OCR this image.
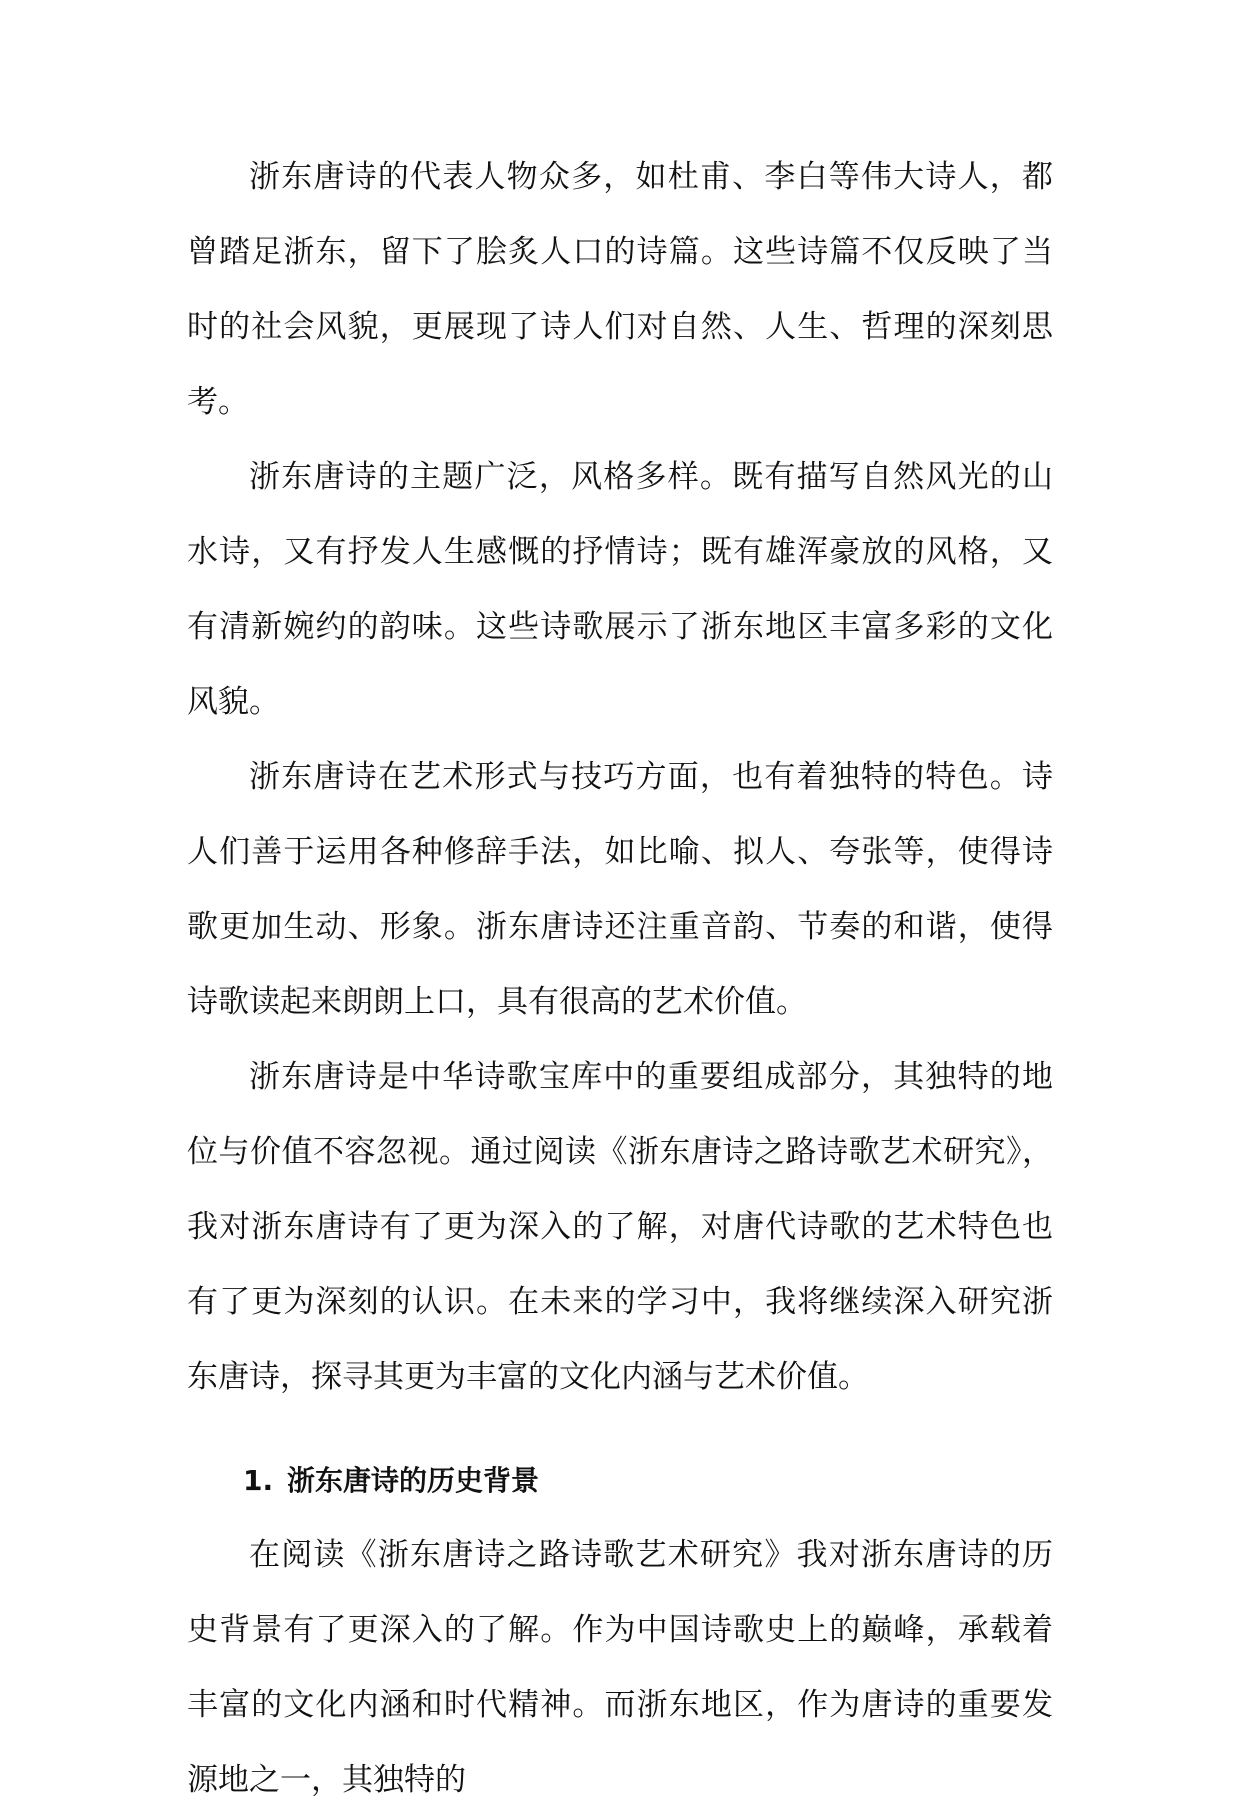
浙东唐诗的代表人物众多，如杜甫、李白等伟大诗人，都曾踏足浙东，留下了脍炙人口的诗篇。这些诗篇不仅反映了当时的社会风貌，更展现了诗人们对自然、人生、哲理的深刻思考。

浙东唐诗的主题广泛，风格多样。既有描写自然风光的山水诗，又有抒发人生感慨的抒情诗；既有雄浑豪放的风格，又有清新婉约的韵味。这些诗歌展示了浙东地区丰富多彩的文化风貌。

浙东唐诗在艺术形式与技巧方面，也有着独特的特色。诗人们善于运用各种修辞手法，如比喻、拟人、夸张等，使得诗歌更加生动、形象。浙东唐诗还注重音韵、节奏的和谐，使得诗歌读起来朗朗上口，具有很高的艺术价值。

浙东唐诗是中华诗歌宝库中的重要组成部分，其独特的地位与价值不容忽视。通过阅读《浙东唐诗之路诗歌艺术研究》，我对浙东唐诗有了更为深入的了解，对唐代诗歌的艺术特色也有了更为深刻的认识。在未来的学习中，我将继续深入研究浙东唐诗，探寻其更为丰富的文化内涵与艺术价值。

1. 浙东唐诗的历史背景

在阅读《浙东唐诗之路诗歌艺术研究》我对浙东唐诗的历史背景有了更深入的了解。作为中国诗歌史上的巅峰，承载着丰富的文化内涵和时代精神。而浙东地区，作为唐诗的重要发源地之一，其独特的
